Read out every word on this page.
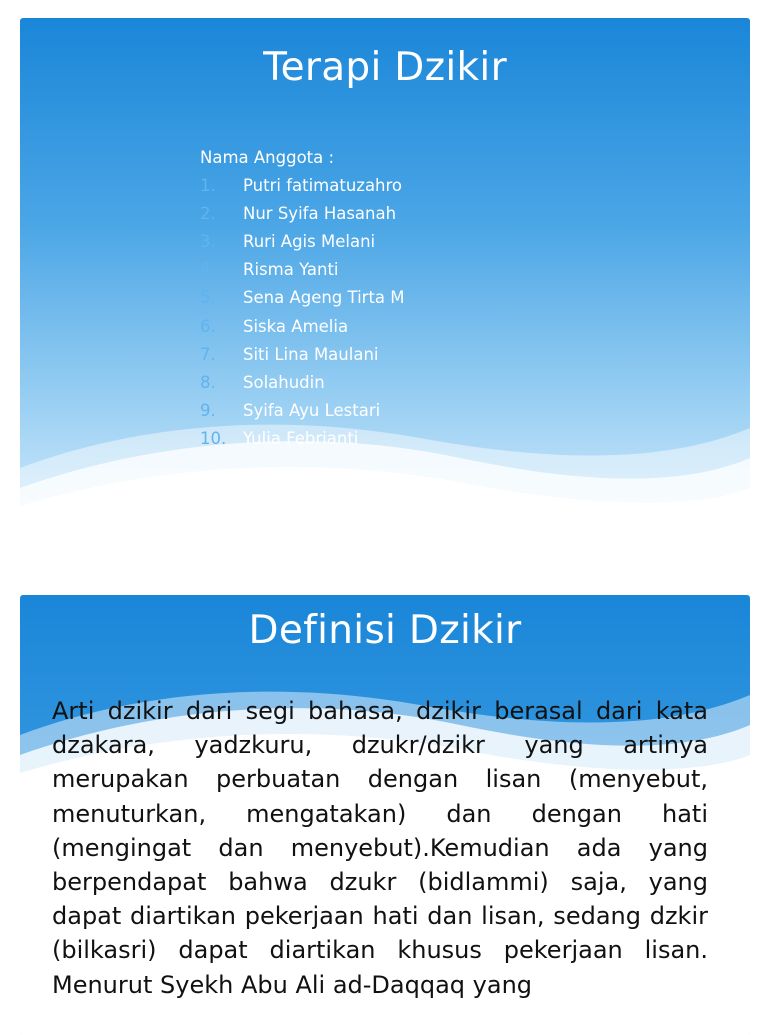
Terapi Dzikir
Nama Anggota :
1.	Putri fatimatuzahro
2.	Nur Syifa Hasanah
3.	Ruri Agis Melani
4.	Risma Yanti
5.	Sena Ageng Tirta M
6.	Siska Amelia
7.	Siti Lina Maulani
8.	Solahudin
9.	Syifa Ayu Lestari
10.	Yulia Febrianti
Definisi Dzikir

Arti dzikir dari segi bahasa, dzikir berasal dari kata dzakara, yadzkuru, dzukr/dzikr yang artinya merupakan perbuatan dengan lisan (menyebut, menuturkan, mengatakan) dan dengan hati (mengingat dan menyebut).Kemudian ada yang berpendapat bahwa dzukr (bidlammi) saja, yang dapat diartikan pekerjaan hati dan lisan, sedang dzkir (bilkasri) dapat diartikan khusus pekerjaan lisan. Menurut Syekh Abu Ali ad-Daqqaq yang
